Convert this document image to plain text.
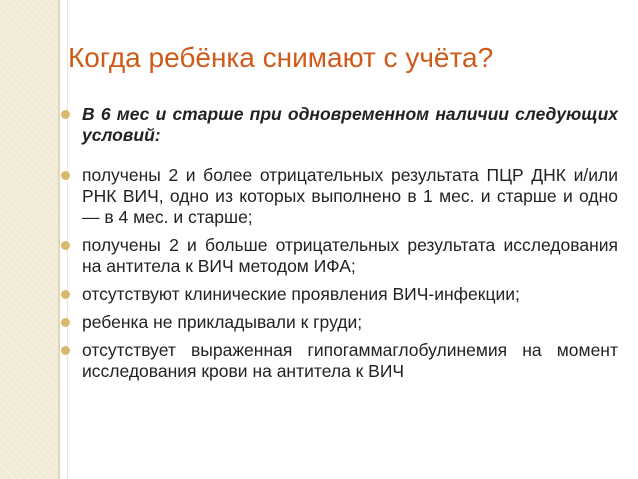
Когда ребёнка снимают с учёта?
В 6 мес и старше при одновременном наличии следующих условий:
получены 2 и более отрицательных результата ПЦР ДНК и/или РНК ВИЧ, одно из которых выполнено в 1 мес. и старше и одно — в 4 мес. и старше;
получены 2 и больше отрицательных результата исследования на антитела к ВИЧ методом ИФА;
отсутствуют клинические проявления ВИЧ-инфекции;
ребенка не прикладывали к груди;
отсутствует выраженная гипогаммаглобулинемия на момент исследования крови на антитела к ВИЧ
